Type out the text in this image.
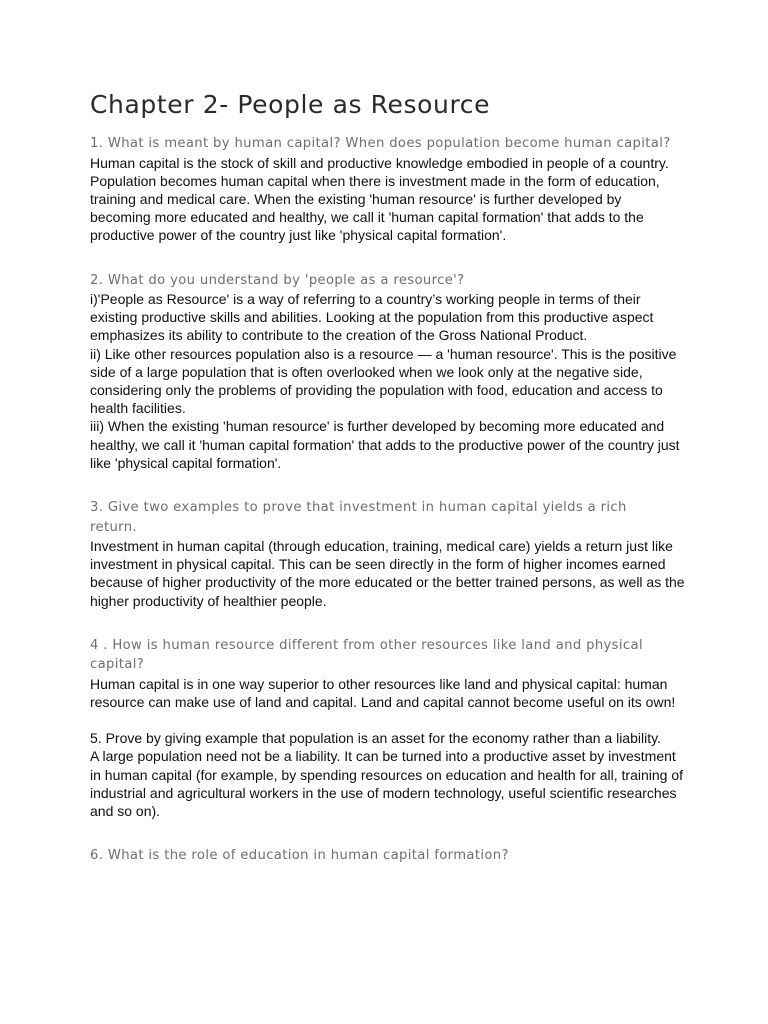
Chapter 2- People as Resource

1. What is meant by human capital? When does population become human capital?

Human capital is the stock of skill and productive knowledge embodied in people of a country.
Population becomes human capital when there is investment made in the form of education,
training and medical care. When the existing 'human resource' is further developed by
becoming more educated and healthy, we call it 'human capital formation' that adds to the
productive power of the country just like 'physical capital formation'.

2. What do you understand by 'people as a resource'?

i)'People as Resource' is a way of referring to a country’s working people in terms of their
existing productive skills and abilities. Looking at the population from this productive aspect
emphasizes its ability to contribute to the creation of the Gross National Product.
ii) Like other resources population also is a resource — a 'human resource'. This is the positive
side of a large population that is often overlooked when we look only at the negative side,
considering only the problems of providing the population with food, education and access to
health facilities.
iii) When the existing 'human resource' is further developed by becoming more educated and
healthy, we call it 'human capital formation' that adds to the productive power of the country just
like 'physical capital formation'.

3. Give two examples to prove that investment in human capital yields a rich
return.

Investment in human capital (through education, training, medical care) yields a return just like
investment in physical capital. This can be seen directly in the form of higher incomes earned
because of higher productivity of the more educated or the better trained persons, as well as the
higher productivity of healthier people.

4 . How is human resource different from other resources like land and physical
capital?

Human capital is in one way superior to other resources like land and physical capital: human
resource can make use of land and capital. Land and capital cannot become useful on its own!

5. Prove by giving example that population is an asset for the economy rather than a liability.

A large population need not be a liability. It can be turned into a productive asset by investment
in human capital (for example, by spending resources on education and health for all, training of
industrial and agricultural workers in the use of modern technology, useful scientific researches
and so on).

6. What is the role of education in human capital formation?
